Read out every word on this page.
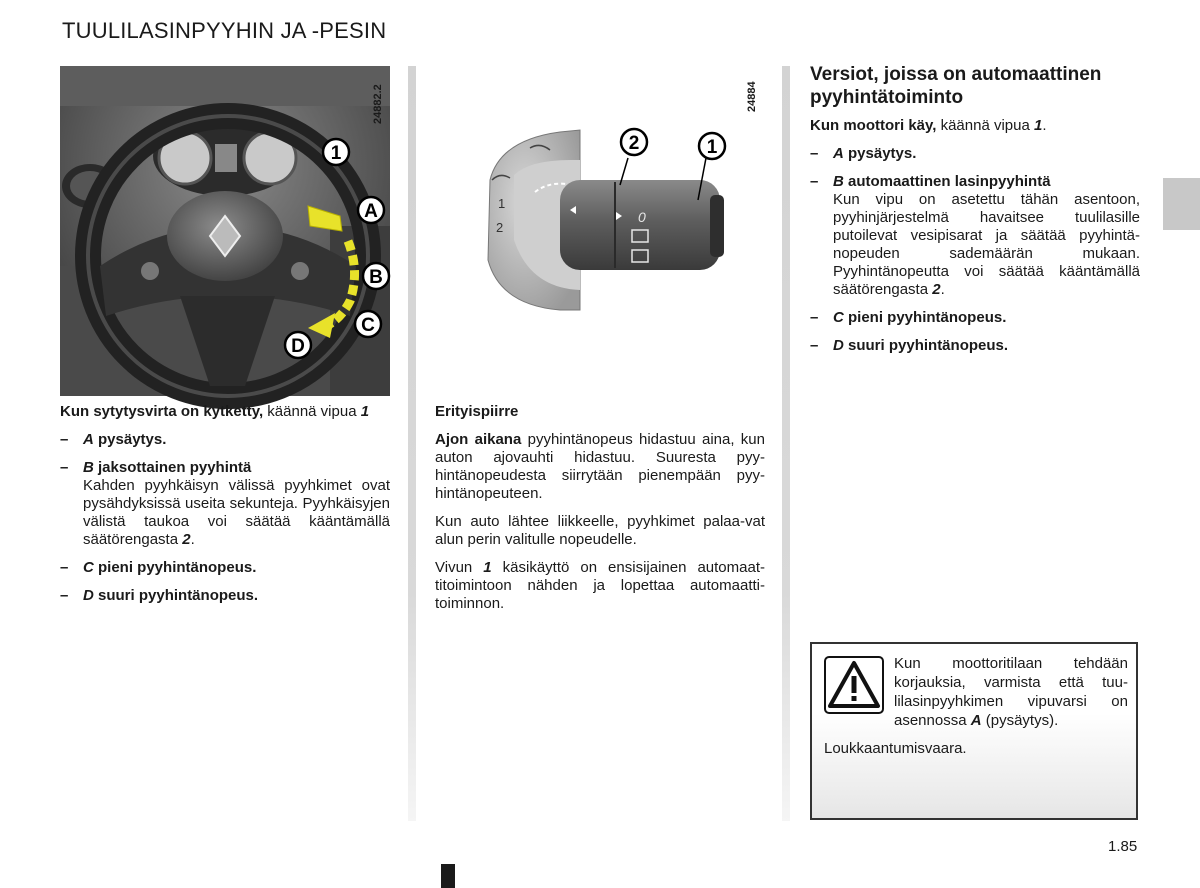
TUULILASINPYYHIN JA -PESIN
1
A
B
C
D
24882.2

Kun sytytysvirta on kytketty, käännä vipua 1

– A pysäytys.
– B jaksottainen pyyhintä

Kahden pyyhkäisyn välissä pyyhkimet ovat pysähdyksissä useita sekunteja. Pyyhkäisyjen välistä taukoa voi säätää kääntämällä säätörengasta 2.
– C pieni pyyhintänopeus.
– D suuri pyyhintänopeus.
1
2
0
2	1
24884

Erityispiirre

Ajon aikana pyyhintänopeus hidastuu aina, kun auton ajovauhti hidastuu. Suuresta pyy-hintänopeudesta siirrytään pienempään pyy-hintänopeuteen.

Kun auto lähtee liikkeelle, pyyhkimet palaa-vat alun perin valitulle nopeudelle.

Vivun 1 käsikäyttö on ensisijainen automaat-titoimintoon nähden ja lopettaa automaatti-toiminnon.

Versiot, joissa on automaattinen pyyhintätoiminto

Kun moottori käy, käännä vipua 1.

– A pysäytys.
– B automaattinen lasinpyyhintä

Kun vipu on asetettu tähän asentoon, pyyhinjärjestelmä havaitsee tuulilasille putoilevat vesipisarat ja säätää pyyhintä-nopeuden sademäärän mukaan. Pyyhintänopeutta voi säätää kääntämällä säätörengasta 2.
– C pieni pyyhintänopeus.
– D suuri pyyhintänopeus.
Kun moottoritilaan tehdään korjauksia, varmista että tuu-lilasinpyyhkimen vipuvarsi on asennossa A (pysäytys).
Loukkaantumisvaara.
1.85
